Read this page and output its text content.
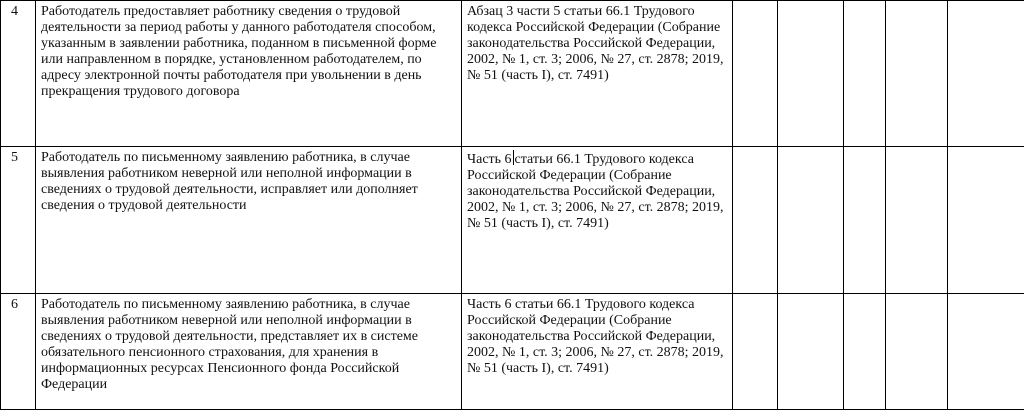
4	Работодатель предоставляет работнику сведения о трудовой деятельности за период работы у данного работодателя способом, указанным в заявлении работника, поданном в письменной форме или направленном в порядке, установленном работодателем, по адресу электронной почты работодателя при увольнении в день прекращения трудового договора	Абзац 3 части 5 статьи 66.1 Трудового кодекса Российской Федерации (Собрание законодательства Российской Федерации, 2002, № 1, ст. 3; 2006, № 27, ст. 2878; 2019, № 51 (часть I), ст. 7491)					
5	Работодатель по письменному заявлению работника, в случае выявления работником неверной или неполной информации в сведениях о трудовой деятельности, исправляет или дополняет сведения о трудовой деятельности	Часть 6 статьи 66.1 Трудового кодекса Российской Федерации (Собрание законодательства Российской Федерации, 2002, № 1, ст. 3; 2006, № 27, ст. 2878; 2019, № 51 (часть I), ст. 7491)					
6	Работодатель по письменному заявлению работника, в случае выявления работником неверной или неполной информации в сведениях о трудовой деятельности, представляет их в системе обязательного пенсионного страхования, для хранения в информационных ресурсах Пенсионного фонда Российской Федерации	Часть 6 статьи 66.1 Трудового кодекса Российской Федерации (Собрание законодательства Российской Федерации, 2002, № 1, ст. 3; 2006, № 27, ст. 2878; 2019, № 51 (часть I), ст. 7491)					
